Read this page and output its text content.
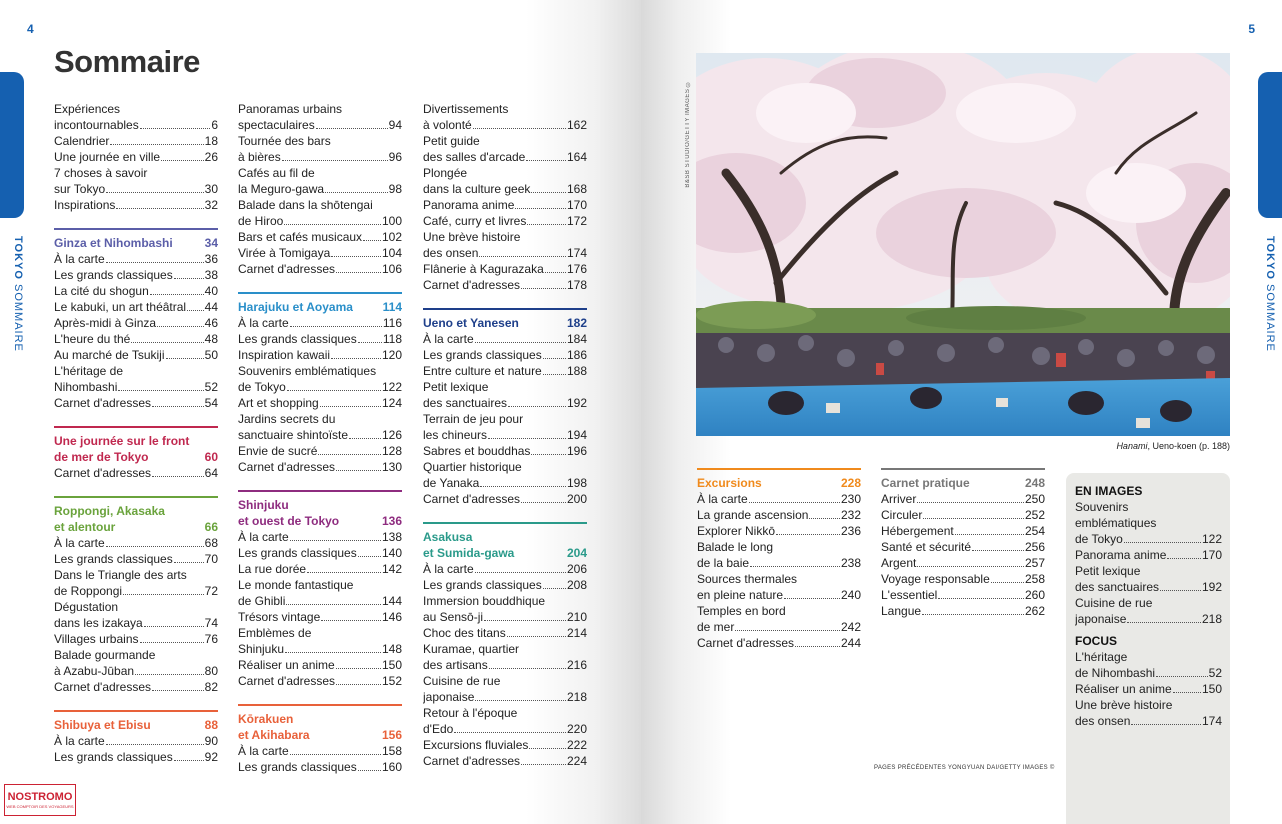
4
TOKYO SOMMAIRE
Sommaire
Expériences
incontournables	6
Calendrier	18
Une journée en ville	26
7 choses à savoir
sur Tokyo	30
Inspirations	32
Ginza et Nihombashi	34
À la carte	36
Les grands classiques	38
La cité du shogun	40
Le kabuki, un art théâtral 44
Après-midi à Ginza	46
L'heure du thé	48
Au marché de Tsukiji	50
L'héritage de
Nihombashi	52
Carnet d'adresses	54
Une journée sur le front
de mer de Tokyo	60
Carnet d'adresses	64
Roppongi, Akasaka
et alentour	66
À la carte	68
Les grands classiques	70
Dans le Triangle des arts
de Roppongi	72
Dégustation
dans les izakaya	74
Villages urbains	76
Balade gourmande
à Azabu-Jūban	80
Carnet d'adresses	82
Shibuya et Ebisu	88
À la carte	90
Les grands classiques	92
Panoramas urbains
spectaculaires	94
Tournée des bars
à bières	96
Cafés au fil de
la Meguro-gawa	98
Balade dans la shōtengai
de Hiroo	100
Bars et cafés musicaux 102
Virée à Tomigaya	104
Carnet d'adresses	106
Harajuku et Aoyama 114
À la carte	116
Les grands classiques 118
Inspiration kawaii	120
Souvenirs emblématiques
de Tokyo	122
Art et shopping	124
Jardins secrets du
sanctuaire shintoïste	126
Envie de sucré	128
Carnet d'adresses	130
Shinjuku
et ouest de Tokyo	136
À la carte	138
Les grands classiques 140
La rue dorée	142
Le monde fantastique
de Ghibli	144
Trésors vintage	146
Emblèmes de
Shinjuku	148
Réaliser un anime	150
Carnet d'adresses	152
Kōrakuen
et Akihabara	156
À la carte	158
Les grands classiques 160
Divertissements
à volonté	162
Petit guide
des salles d'arcade	164
Plongée
dans la culture geek	168
Panorama anime	170
Café, curry et livres	172
Une brève histoire
des onsen	174
Flânerie à Kagurazaka 176
Carnet d'adresses	178
Ueno et Yanesen	182
À la carte	184
Les grands classiques 186
Entre culture et nature 188
Petit lexique
des sanctuaires	192
Terrain de jeu pour
les chineurs	194
Sabres et bouddhas	196
Quartier historique
de Yanaka	198
Carnet d'adresses	200
Asakusa
et Sumida-gawa	204
À la carte	206
Les grands classiques 208
Immersion bouddhique
au Sensō-ji	210
Choc des titans	214
Kuramae, quartier
des artisans	216
Cuisine de rue
japonaise	218
Retour à l'époque
d'Edo	220
Excursions fluviales	222
Carnet d'adresses	224
NOSTROMO
WEB COMPTOIR DES VOYAGEURS
5
TOKYO SOMMAIRE
B&SB STUDIO/GETTY IMAGES ©
Hanami, Ueno-koen (p. 188)
Excursions	228
À la carte	230
La grande ascension	232
Explorer Nikkō	236
Balade le long
de la baie	238
Sources thermales
en pleine nature	240
Temples en bord
de mer	242
Carnet d'adresses	244
Carnet pratique	248
Arriver	250
Circuler	252
Hébergement	254
Santé et sécurité	256
Argent	257
Voyage responsable	258
L'essentiel	260
Langue	262
EN IMAGES
Souvenirs
emblématiques
de Tokyo	122
Panorama anime	170
Petit lexique
des sanctuaires	192
Cuisine de rue
japonaise	218
FOCUS
L'héritage
de Nihombashi	52
Réaliser un anime	150
Une brève histoire
des onsen	174
PAGES PRÉCÉDENTES YONGYUAN DAI/GETTY IMAGES ©
